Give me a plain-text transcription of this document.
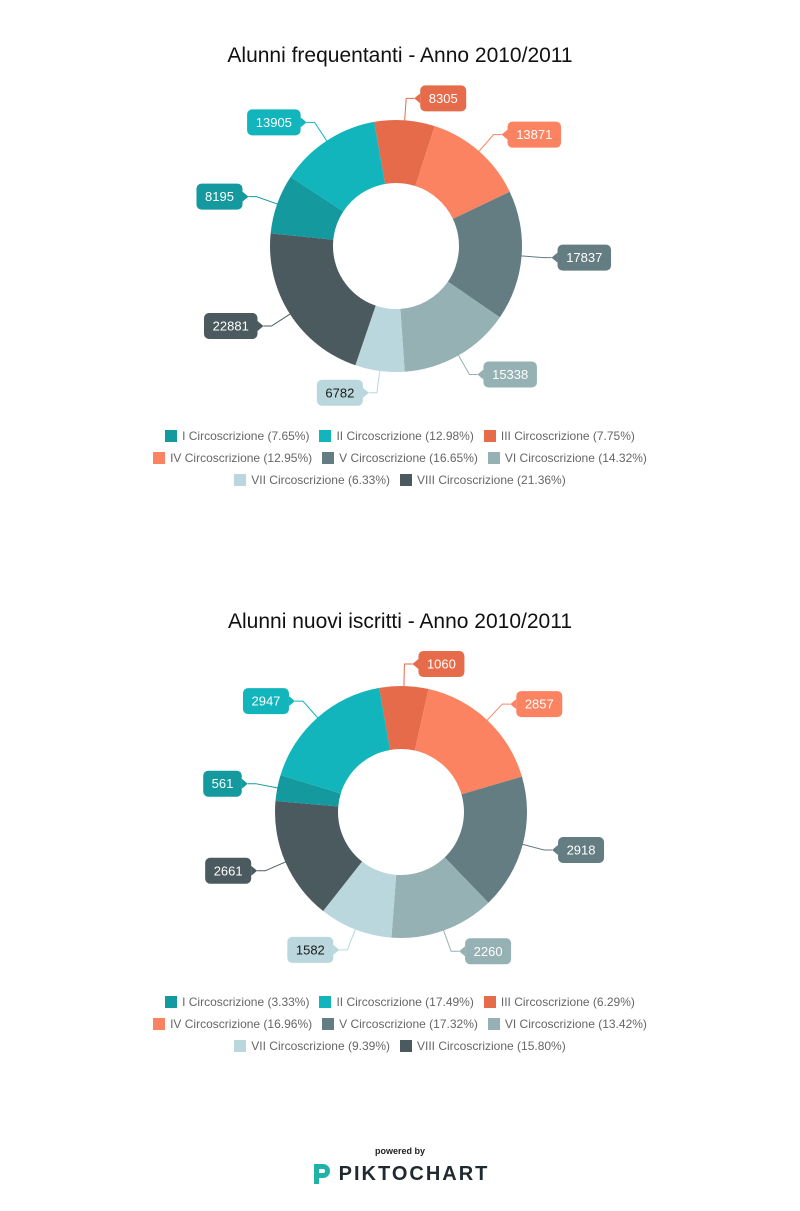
Alunni frequentanti - Anno 2010/2011
8305
13871
17837
15338
6782
22881
8195
13905
I Circoscrizione (7.65%) II Circoscrizione (12.98%) III Circoscrizione (7.75%)
IV Circoscrizione (12.95%) V Circoscrizione (16.65%) VI Circoscrizione (14.32%)
VII Circoscrizione (6.33%) VIII Circoscrizione (21.36%)
Alunni nuovi iscritti - Anno 2010/2011
1060
2857
2918
2260
1582
2661
561
2947
I Circoscrizione (3.33%) II Circoscrizione (17.49%) III Circoscrizione (6.29%)
IV Circoscrizione (16.96%) V Circoscrizione (17.32%) VI Circoscrizione (13.42%)
VII Circoscrizione (9.39%) VIII Circoscrizione (15.80%)
powered by
PIKTOCHART
